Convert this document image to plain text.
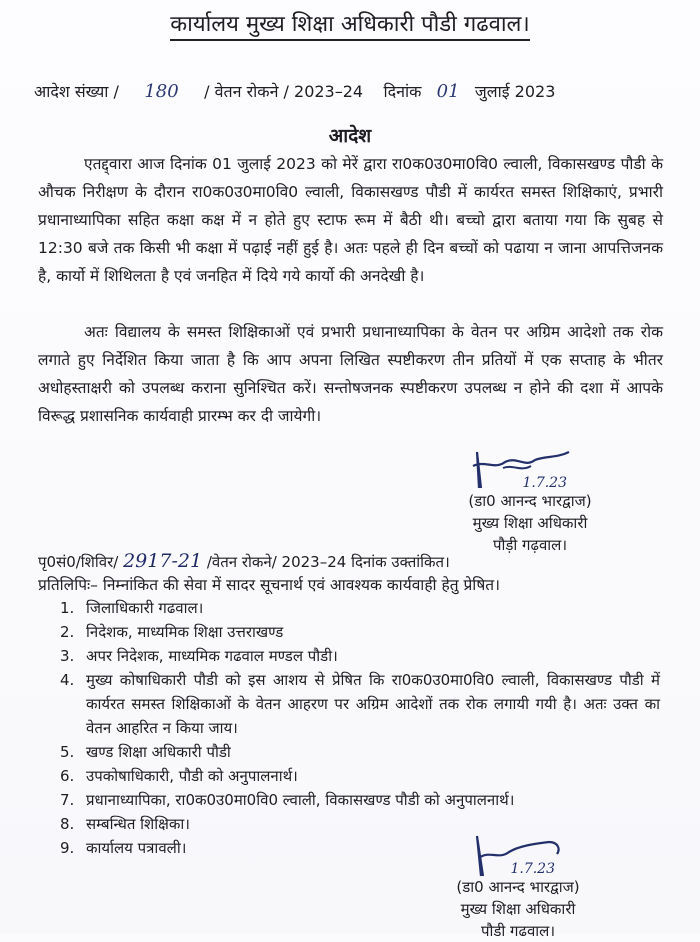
कार्यालय मुख्य शिक्षा अधिकारी पौडी गढवाल।
आदेश संख्या / 180 / वेतन रोकने / 2023–24 दिनांक 01 जुलाई 2023
आदेश
एतद्द्वारा आज दिनांक 01 जुलाई 2023 को मेरें द्वारा रा0क0उ0मा0वि0 ल्वाली, विकासखण्ड पौडी के औचक निरीक्षण के दौरान रा0क0उ0मा0वि0 ल्वाली, विकासखण्ड पौडी में कार्यरत समस्त शिक्षिकाएं, प्रभारी प्रधानाध्यापिका सहित कक्षा कक्ष में न होते हुए स्टाफ रूम में बैठी थी। बच्चो द्वारा बताया गया कि सुबह से 12:30 बजे तक किसी भी कक्षा में पढ़ाई नहीं हुई है। अतः पहले ही दिन बच्चों को पढाया न जाना आपत्तिजनक है, कार्यो में शिथिलता है एवं जनहित में दिये गये कार्यो की अनदेखी है।
अतः विद्यालय के समस्त शिक्षिकाओं एवं प्रभारी प्रधानाध्यापिका के वेतन पर अग्रिम आदेशो तक रोक लगाते हुए निर्देशित किया जाता है कि आप अपना लिखित स्पष्टीकरण तीन प्रतियों में एक सप्ताह के भीतर अधोहस्ताक्षरी को उपलब्ध कराना सुनिश्चित करें। सन्तोषजनक स्पष्टीकरण उपलब्ध न होने की दशा में आपके विरूद्ध प्रशासनिक कार्यवाही प्रारम्भ कर दी जायेगी।
1.7.23
(डा0 आनन्द भारद्वाज)
मुख्य शिक्षा अधिकारी
पौड़ी गढ़वाल।
पृ0सं0/शिविर/ 2917-21 /वेतन रोकने/ 2023–24 दिनांक उक्तांकित।
प्रतिलिपिः– निम्नांकित की सेवा में सादर सूचनार्थ एवं आवश्यक कार्यवाही हेतु प्रेषित।
1. जिलाधिकारी गढवाल।
2. निदेशक, माध्यमिक शिक्षा उत्तराखण्ड
3. अपर निदेशक, माध्यमिक गढवाल मण्डल पौडी।
4. मुख्य कोषाधिकारी पौडी को इस आशय से प्रेषित कि रा0क0उ0मा0वि0 ल्वाली, विकासखण्ड पौडी में कार्यरत समस्त शिक्षिकाओं के वेतन आहरण पर अग्रिम आदेशों तक रोक लगायी गयी है। अतः उक्त का वेतन आहरित न किया जाय।
5. खण्ड शिक्षा अधिकारी पौडी
6. उपकोषाधिकारी, पौडी को अनुपालनार्थ।
7. प्रधानाध्यापिका, रा0क0उ0मा0वि0 ल्वाली, विकासखण्ड पौडी को अनुपालनार्थ।
8. सम्बन्धित शिक्षिका।
9. कार्यालय पत्रावली।
1.7.23
(डा0 आनन्द भारद्वाज)
मुख्य शिक्षा अधिकारी
पौडी गढवाल।
